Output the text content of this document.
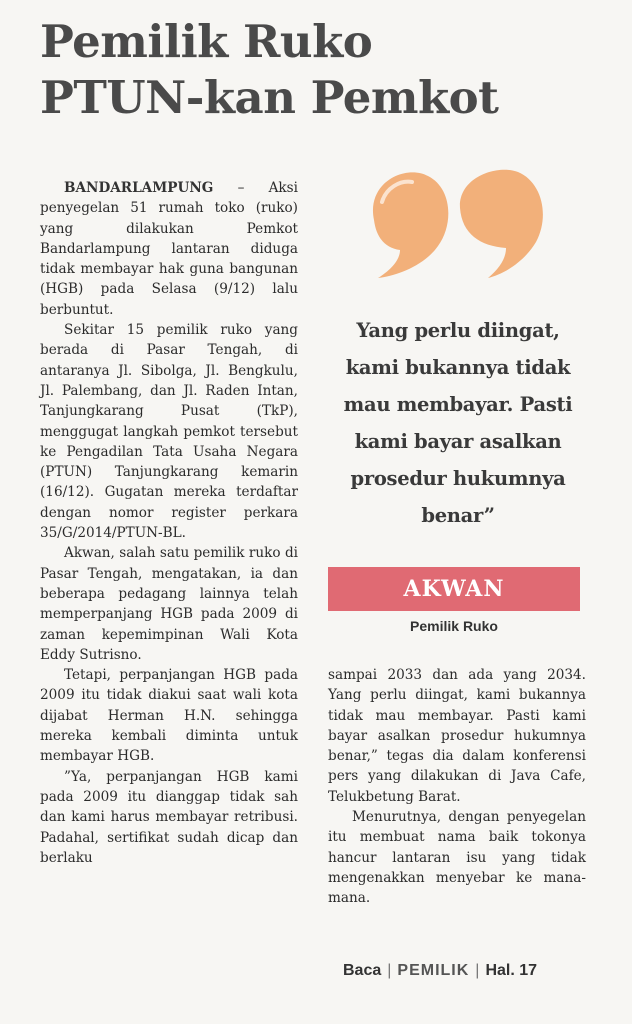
Pemilik Ruko
PTUN-kan Pemkot

BANDARLAMPUNG – Aksi penyegelan 51 rumah toko (ruko) yang dilakukan Pemkot Bandarlampung lantaran diduga tidak membayar hak guna bangunan (HGB) pada Selasa (9/12) lalu berbuntut.

Sekitar 15 pemilik ruko yang berada di Pasar Tengah, di antaranya Jl. Sibolga, Jl. Bengkulu, Jl. Palembang, dan Jl. Raden Intan, Tanjungkarang Pusat (TkP), menggugat langkah pemkot tersebut ke Pengadilan Tata Usaha Negara (PTUN) Tanjungkarang kemarin (16/12). Gugatan mereka terdaftar dengan nomor register perkara 35/G/2014/PTUN-BL.

Akwan, salah satu pemilik ruko di Pasar Tengah, mengatakan, ia dan beberapa pedagang lainnya telah memperpanjang HGB pada 2009 di zaman kepemimpinan Wali Kota Eddy Sutrisno.

Tetapi, perpanjangan HGB pada 2009 itu tidak diakui saat wali kota dijabat Herman H.N. sehingga mereka kembali diminta untuk membayar HGB.

”Ya, perpanjangan HGB kami pada 2009 itu dianggap tidak sah dan kami harus membayar retribusi. Padahal, sertifikat sudah dicap dan berlaku

Yang perlu diingat,
kami bukannya tidak
mau membayar. Pasti
kami bayar asalkan
prosedur hukumnya
benar”
AKWAN
Pemilik Ruko

sampai 2033 dan ada yang 2034. Yang perlu diingat, kami bukannya tidak mau membayar. Pasti kami bayar asalkan prosedur hukumnya benar,” tegas dia dalam konferensi pers yang dilakukan di Java Cafe, Telukbetung Barat.

Menurutnya, dengan penyegelan itu membuat nama baik tokonya hancur lantaran isu yang tidak mengenakkan menyebar ke mana-mana.

Baca | PEMILIK | Hal. 17
